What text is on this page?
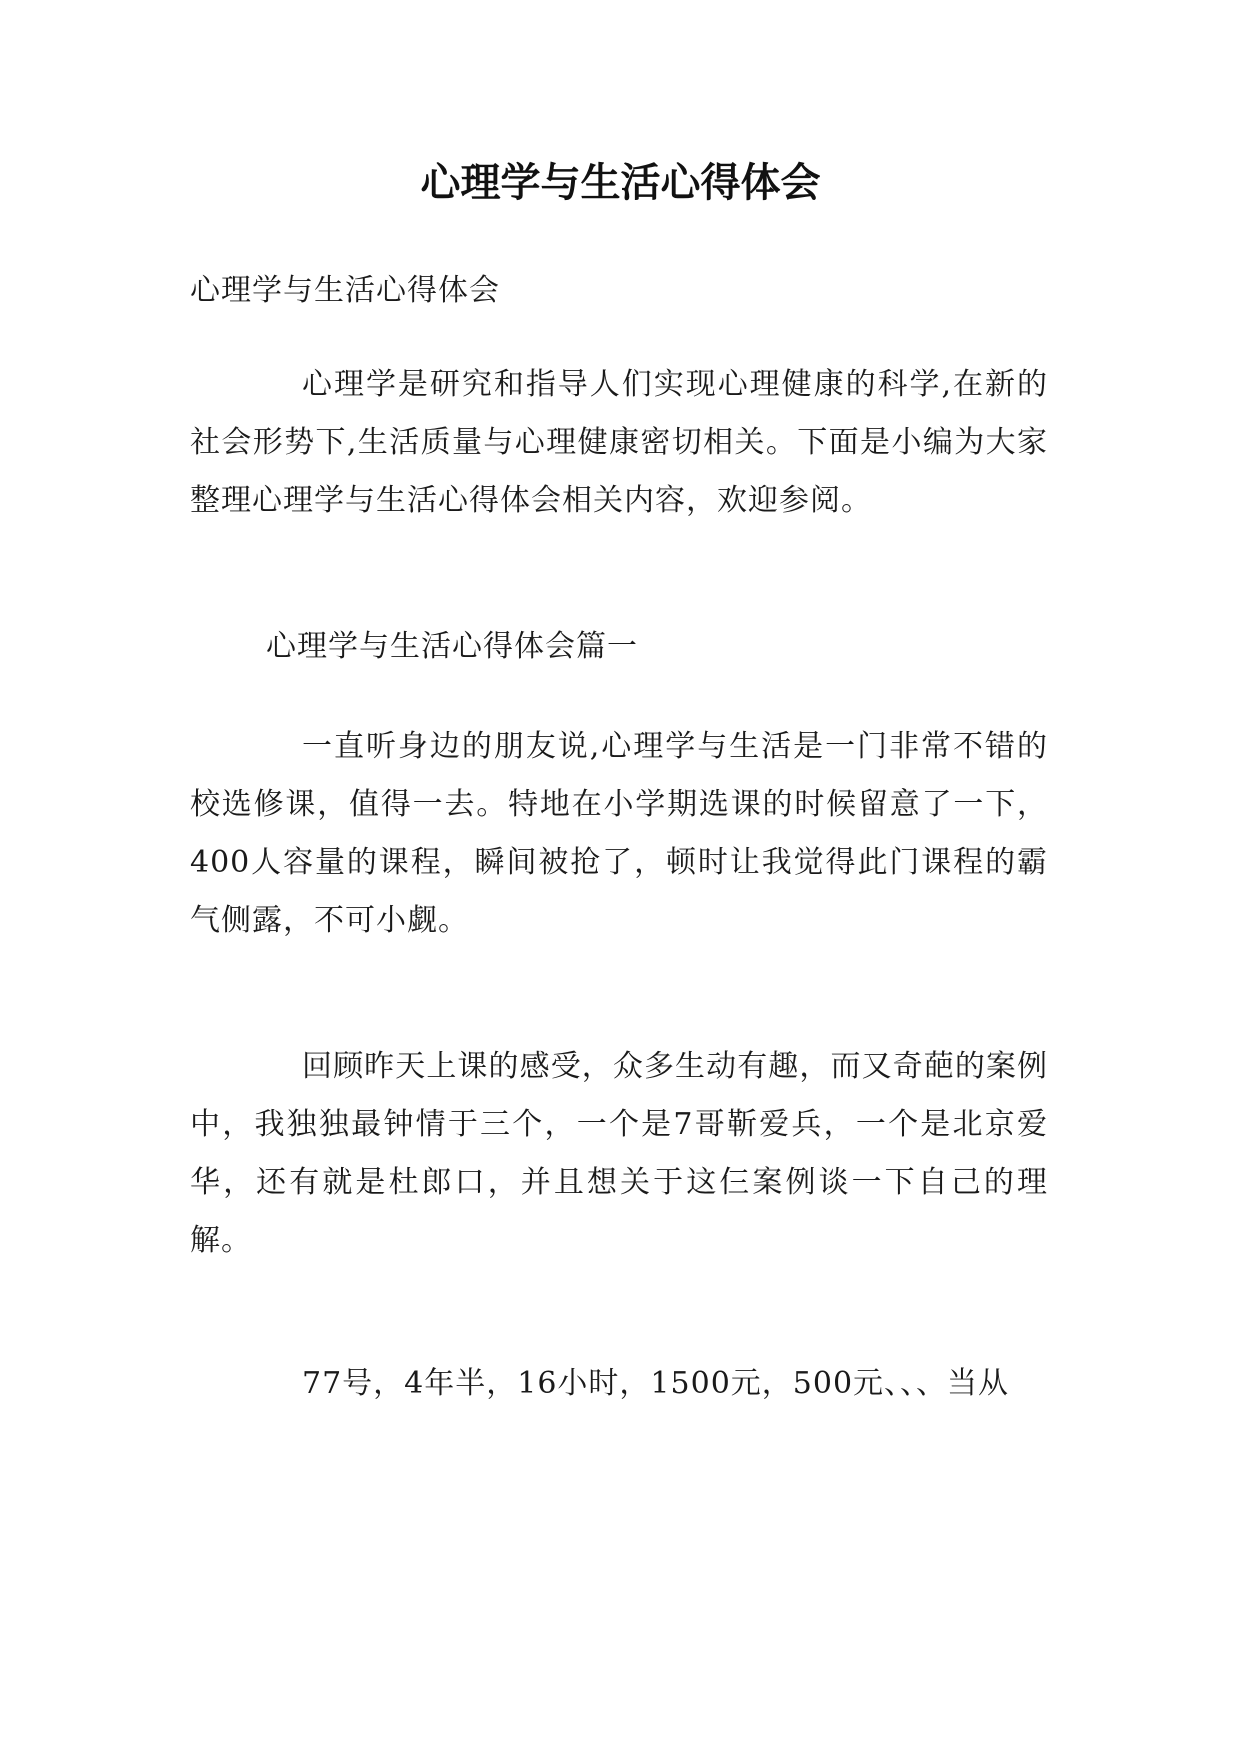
心理学与生活心得体会

心理学与生活心得体会

心理学是研究和指导人们实现心理健康的科学,在新的社会形势下,生活质量与心理健康密切相关。下面是小编为大家整理心理学与生活心得体会相关内容，欢迎参阅。

心理学与生活心得体会篇一

一直听身边的朋友说,心理学与生活是一门非常不错的校选修课，值得一去。特地在小学期选课的时候留意了一下，400人容量的课程，瞬间被抢了，顿时让我觉得此门课程的霸气侧露，不可小觑。

回顾昨天上课的感受，众多生动有趣，而又奇葩的案例中，我独独最钟情于三个，一个是7哥靳爱兵，一个是北京爱华，还有就是杜郎口，并且想关于这仨案例谈一下自己的理解。

77号，4年半，16小时，1500元，500元、、、当从
